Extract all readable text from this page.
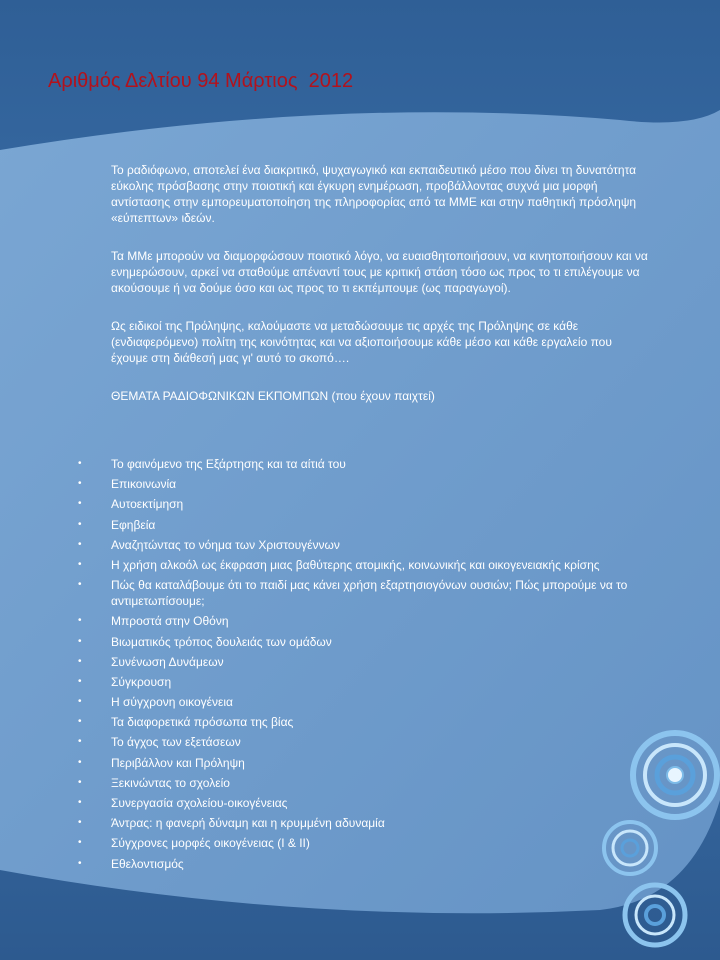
Αριθμός Δελτίου 94 Μάρτιος  2012

Το ραδιόφωνο, αποτελεί ένα διακριτικό, ψυχαγωγικό και εκπαιδευτικό μέσο που δίνει τη δυνατότητα εύκολης πρόσβασης στην ποιοτική και έγκυρη ενημέρωση, προβάλλοντας συχνά μια μορφή αντίστασης στην εμπορευματοποίηση της πληροφορίας από τα ΜΜΕ και στην παθητική πρόσληψη «εύπεπτων» ιδεών.

Τα ΜΜε μπορούν να διαμορφώσουν ποιοτικό λόγο, να ευαισθητοποιήσουν, να κινητοποιήσουν και να ενημερώσουν, αρκεί να σταθούμε απέναντί τους με κριτική στάση τόσο ως προς το τι επιλέγουμε να ακούσουμε ή να δούμε όσο και ως προς το τι εκπέμπουμε (ως παραγωγοί).

Ως ειδικοί της Πρόληψης, καλούμαστε να μεταδώσουμε τις αρχές της Πρόληψης σε κάθε (ενδιαφερόμενο) πολίτη της κοινότητας και να αξιοποιήσουμε κάθε μέσο και κάθε εργαλείο που έχουμε στη διάθεσή μας γι' αυτό το σκοπό….

ΘΕΜΑΤΑ ΡΑΔΙΟΦΩΝΙΚΩΝ ΕΚΠΟΜΠΩΝ (που έχουν παιχτεί)

• Το φαινόμενο της Εξάρτησης και τα αίτιά του
• Επικοινωνία
• Αυτοεκτίμηση
• Εφηβεία
• Αναζητώντας το νόημα των Χριστουγέννων
• Η χρήση αλκοόλ ως έκφραση μιας βαθύτερης ατομικής, κοινωνικής και οικογενειακής κρίσης
• Πώς θα καταλάβουμε ότι το παιδί μας κάνει χρήση εξαρτησιογόνων ουσιών; Πώς μπορούμε να το αντιμετωπίσουμε;
• Μπροστά στην Οθόνη
• Βιωματικός τρόπος δουλειάς των ομάδων
• Συνένωση Δυνάμεων
• Σύγκρουση
• Η σύγχρονη οικογένεια
• Τα διαφορετικά πρόσωπα της βίας
• Το άγχος των εξετάσεων
• Περιβάλλον και Πρόληψη
• Ξεκινώντας το σχολείο
• Συνεργασία σχολείου-οικογένειας
• Άντρας: η φανερή δύναμη και η κρυμμένη αδυναμία
• Σύγχρονες μορφές οικογένειας (Ι & ΙΙ)
• Εθελοντισμός
